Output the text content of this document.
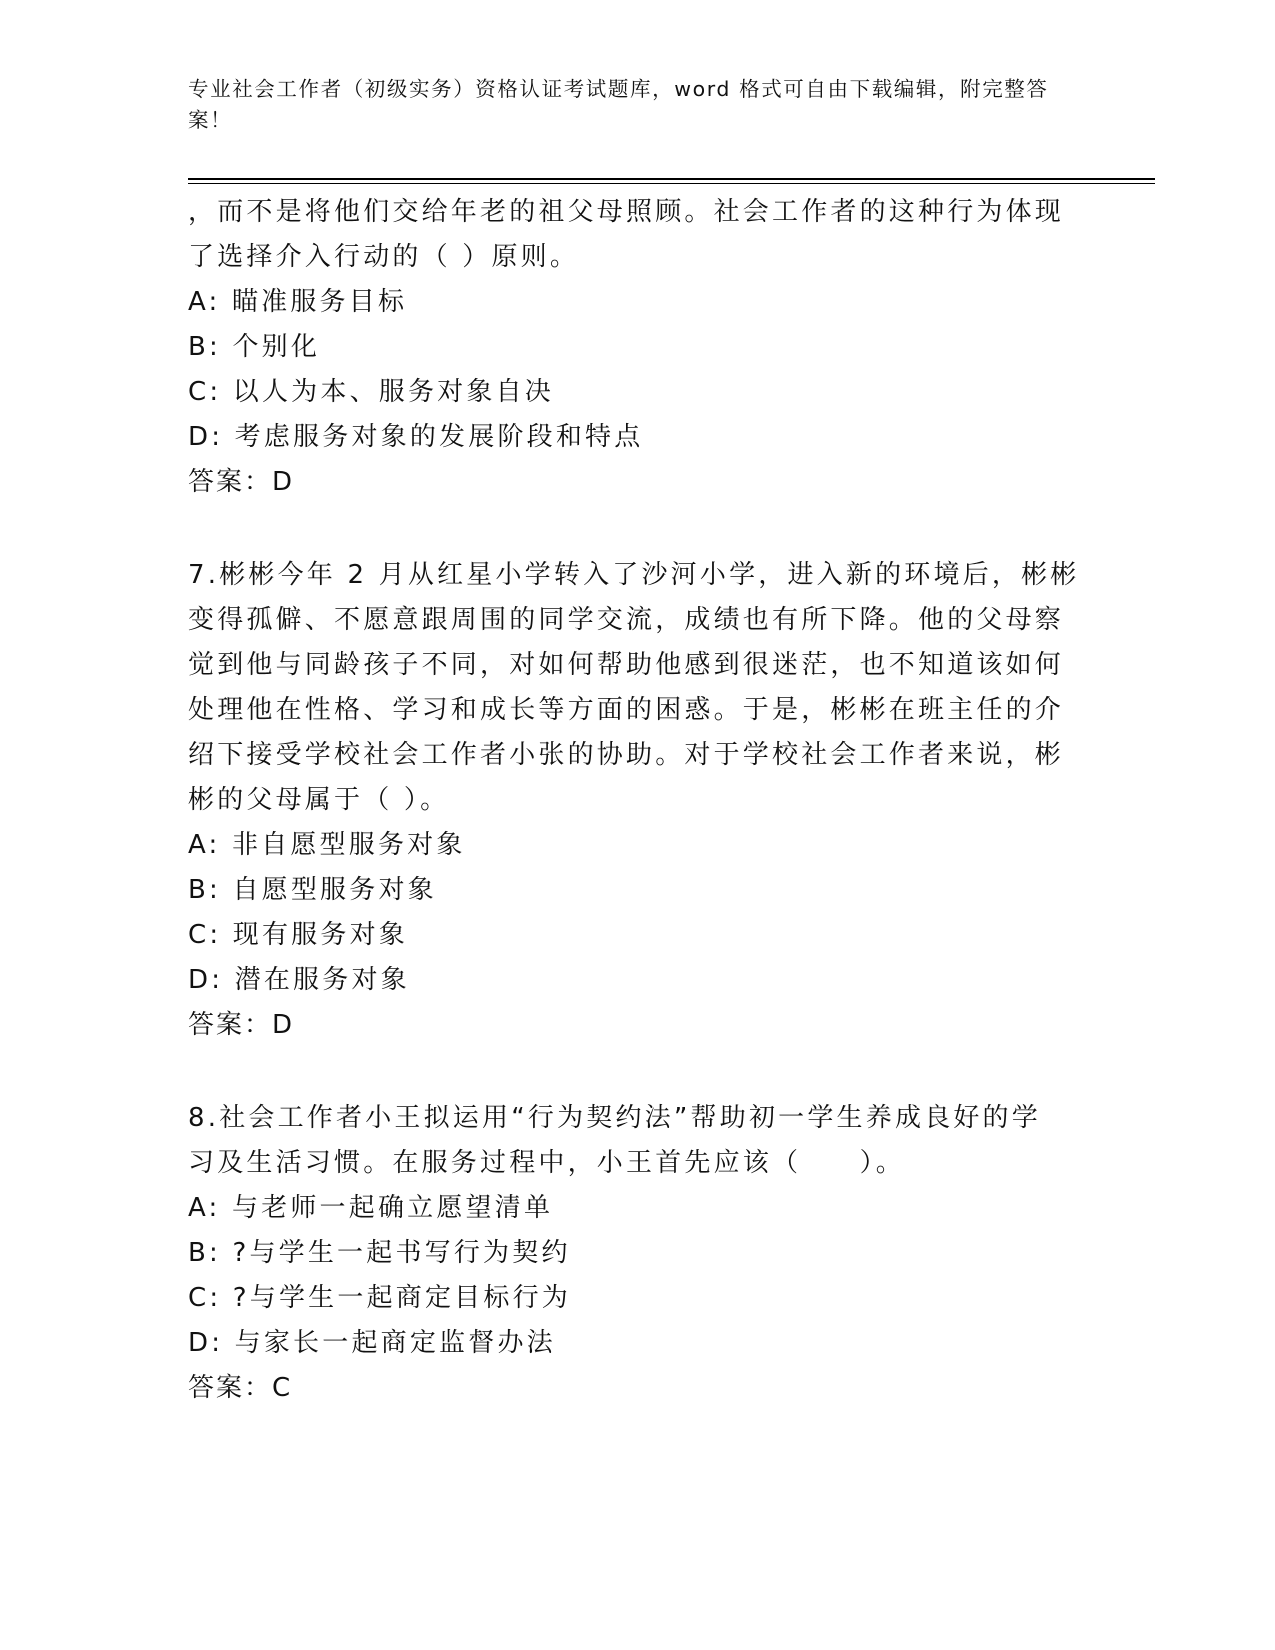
专业社会工作者（初级实务）资格认证考试题库，word 格式可自由下载编辑，附完整答案！
，而不是将他们交给年老的祖父母照顾。社会工作者的这种行为体现
了选择介入行动的（ ）原则。
A: 瞄准服务目标
B: 个别化
C: 以人为本、服务对象自决
D: 考虑服务对象的发展阶段和特点
答案：D
7.彬彬今年 2 月从红星小学转入了沙河小学，进入新的环境后，彬彬
变得孤僻、不愿意跟周围的同学交流，成绩也有所下降。他的父母察
觉到他与同龄孩子不同，对如何帮助他感到很迷茫，也不知道该如何
处理他在性格、学习和成长等方面的困惑。于是，彬彬在班主任的介
绍下接受学校社会工作者小张的协助。对于学校社会工作者来说，彬
彬的父母属于（ ）。
A: 非自愿型服务对象
B: 自愿型服务对象
C: 现有服务对象
D: 潜在服务对象
答案：D
8.社会工作者小王拟运用“行为契约法”帮助初一学生养成良好的学
习及生活习惯。在服务过程中，小王首先应该（　　）。
A: 与老师一起确立愿望清单
B: ?与学生一起书写行为契约
C: ?与学生一起商定目标行为
D: 与家长一起商定监督办法
答案：C
